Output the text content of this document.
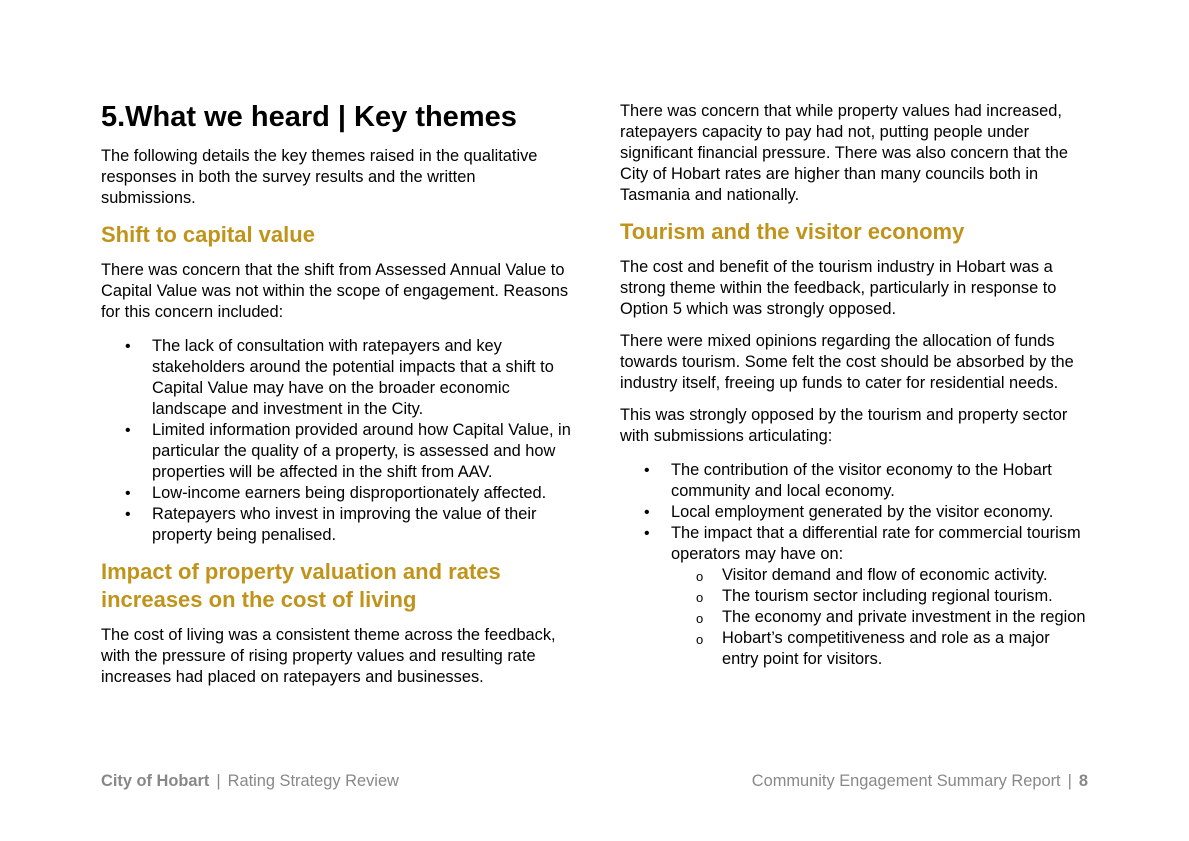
5.What we heard | Key themes

The following details the key themes raised in the qualitative responses in both the survey results and the written submissions.

Shift to capital value

There was concern that the shift from Assessed Annual Value to Capital Value was not within the scope of engagement. Reasons for this concern included:

• The lack of consultation with ratepayers and key stakeholders around the potential impacts that a shift to Capital Value may have on the broader economic landscape and investment in the City.
• Limited information provided around how Capital Value, in particular the quality of a property, is assessed and how properties will be affected in the shift from AAV.
• Low-income earners being disproportionately affected.
• Ratepayers who invest in improving the value of their property being penalised.
Impact of property valuation and rates increases on the cost of living

The cost of living was a consistent theme across the feedback, with the pressure of rising property values and resulting rate increases had placed on ratepayers and businesses.

There was concern that while property values had increased, ratepayers capacity to pay had not, putting people under significant financial pressure. There was also concern that the City of Hobart rates are higher than many councils both in Tasmania and nationally.

Tourism and the visitor economy

The cost and benefit of the tourism industry in Hobart was a strong theme within the feedback, particularly in response to Option 5 which was strongly opposed.

There were mixed opinions regarding the allocation of funds towards tourism. Some felt the cost should be absorbed by the industry itself, freeing up funds to cater for residential needs.

This was strongly opposed by the tourism and property sector with submissions articulating:

• The contribution of the visitor economy to the Hobart community and local economy.
• Local employment generated by the visitor economy.
• The impact that a differential rate for commercial tourism operators may have on:
o Visitor demand and flow of economic activity.
o The tourism sector including regional tourism.
o The economy and private investment in the region
o Hobart’s competitiveness and role as a major entry point for visitors.
City of Hobart | Rating Strategy Review	Community Engagement Summary Report | 8
